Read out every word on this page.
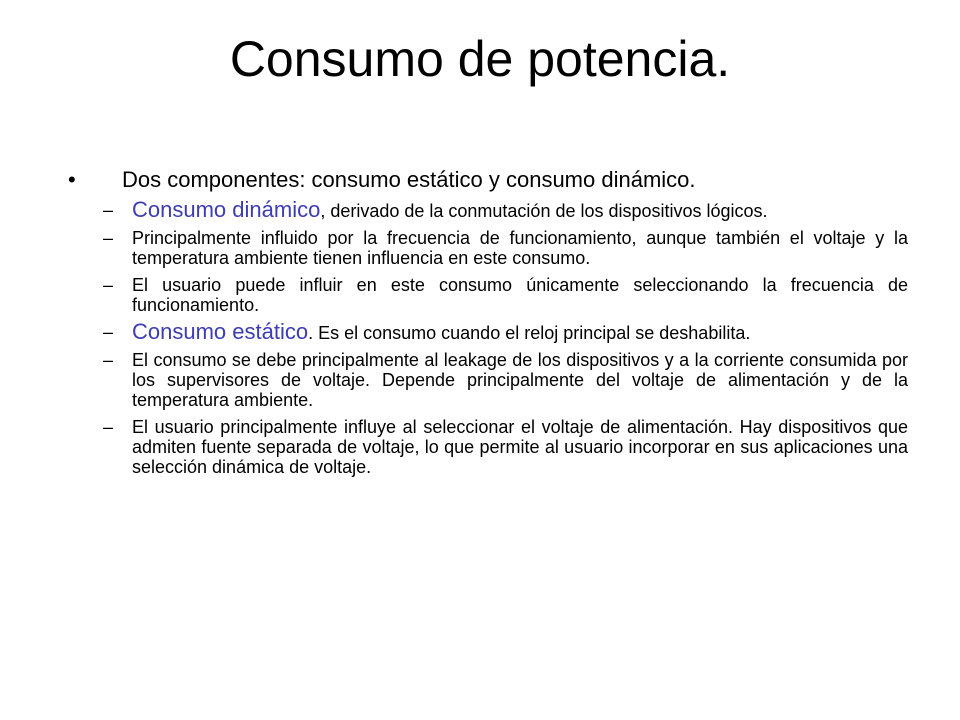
Consumo de potencia.
•	Dos componentes: consumo estático y consumo dinámico.
– Consumo dinámico, derivado de la conmutación de los dispositivos lógicos.
– Principalmente influido por la frecuencia de funcionamiento, aunque también el voltaje y la temperatura ambiente tienen influencia en este consumo.
– El usuario puede influir en este consumo únicamente seleccionando la frecuencia de funcionamiento.
– Consumo estático. Es el consumo cuando el reloj principal se deshabilita.
– El consumo se debe principalmente al leakage de los dispositivos y a la corriente consumida por los supervisores de voltaje. Depende principalmente del voltaje de alimentación y de la temperatura ambiente.
– El usuario principalmente influye al seleccionar el voltaje de alimentación. Hay dispositivos que admiten fuente separada de voltaje, lo que permite al usuario incorporar en sus aplicaciones una selección dinámica de voltaje.
